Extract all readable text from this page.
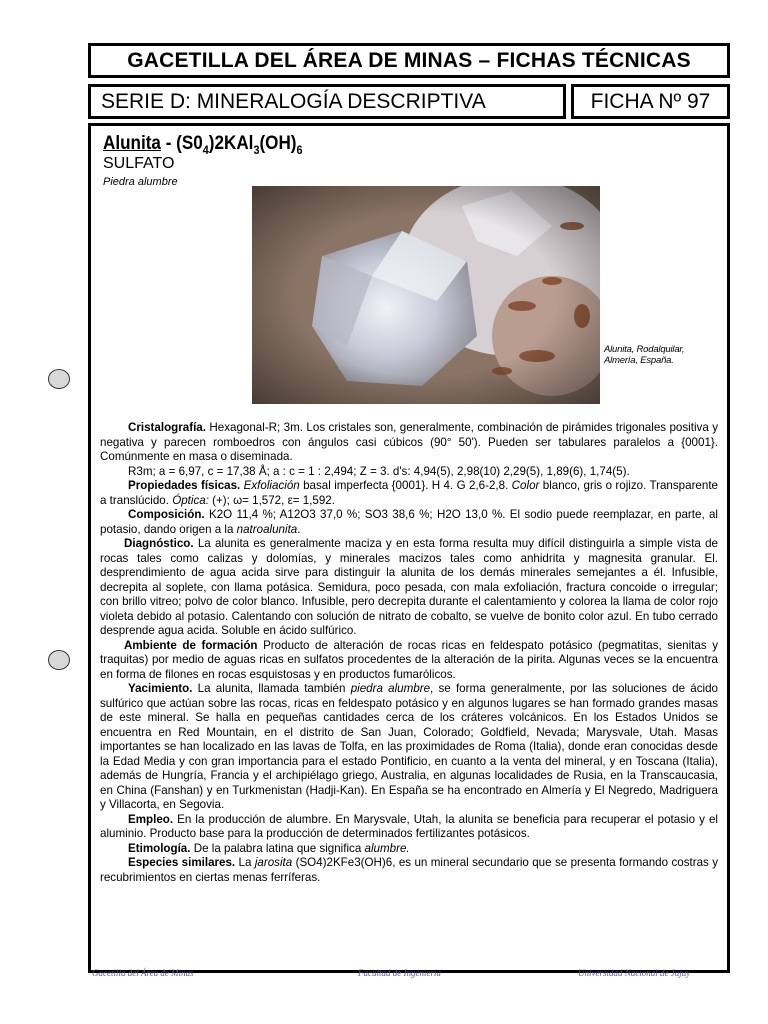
GACETILLA DEL ÁREA DE MINAS – FICHAS TÉCNICAS
SERIE D: MINERALOGÍA DESCRIPTIVA	FICHA Nº 97
Alunita - $(S0_4)2KAl_3(OH)_6$
SULFATO
Piedra alumbre
Alunita, Rodalquilar,
Almería, España.

Cristalografía. Hexagonal-R; 3m. Los cristales son, generalmente, combinación de pirámides trigonales positiva y negativa y parecen romboedros con ángulos casi cúbicos (90° 50'). Pueden ser tabulares paralelos a {0001}. Comúnmente en masa o diseminada.

R3m; a = 6,97, c = 17,38 Å; a : c = 1 : 2,494; Z = 3. d's: 4,94(5), 2,98(10) 2,29(5), 1,89(6), 1,74(5).

Propiedades físicas. Exfoliación basal imperfecta {0001}. H 4. G 2,6-2,8. Color blanco, gris o rojizo. Transparente a translúcido. Óptica: (+); ω= 1,572, ε= 1,592.

Composición. K2O 11,4 %; A12O3 37,0 %; SO3 38,6 %; H2O 13,0 %. El sodio puede reemplazar, en parte, al potasio, dando origen a la natroalunita.

Diagnóstico. La alunita es generalmente maciza y en esta forma resulta muy difícil distinguirla a simple vista de rocas tales como calizas y dolomías, y minerales macizos tales como anhidrita y magnesita granular. El. desprendimiento de agua acida sirve para distinguir la alunita de los demás minerales semejantes a él. Infusible, decrepita al soplete, con llama potásica. Semidura, poco pesada, con mala exfoliación, fractura concoide o irregular; con brillo vitreo; polvo de color blanco. Infusible, pero decrepita durante el calentamiento y colorea la llama de color rojo violeta debido al potasio. Calentando con solución de nitrato de cobalto, se vuelve de bonito color azul. En tubo cerrado desprende agua acida. Soluble en ácido sulfúrico.

Ambiente de formación Producto de alteración de rocas ricas en feldespato potásico (pegmatitas, sienitas y traquitas) por medio de aguas ricas en sulfatos procedentes de la alteración de la pirita. Algunas veces se la encuentra en forma de filones en rocas esquistosas y en productos fumarólicos.

Yacimiento. La alunita, llamada también piedra alumbre, se forma generalmente, por las soluciones de ácido sulfúrico que actúan sobre las rocas, ricas en feldespato potásico y en algunos lugares se han formado grandes masas de este mineral. Se halla en pequeñas cantidades cerca de los cráteres volcánicos. En los Estados Unidos se encuentra en Red Mountain, en el distrito de San Juan, Colorado; Goldfield, Nevada; Marysvale, Utah. Masas importantes se han localizado en las lavas de Tolfa, en las proximidades de Roma (Italia), donde eran conocidas desde la Edad Media y con gran importancia para el estado Pontificio, en cuanto a la venta del mineral, y en Toscana (Italia), además de Hungría, Francia y el archipiélago griego, Australia, en algunas localidades de Rusia, en la Transcaucasia, en China (Fanshan) y en Turkmenistan (Hadji-Kan). En España se ha encontrado en Almería y El Negredo, Madriguera y Villacorta, en Segovia.

Empleo. En la producción de alumbre. En Marysvale, Utah, la alunita se beneficia para recuperar el potasio y el aluminio. Producto base para la producción de determinados fertilizantes potásicos.

Etimología. De la palabra latina que significa alumbre.

Especies similares. La jarosita (SO4)2KFe3(OH)6, es un mineral secundario que se presenta formando costras y recubrimientos en ciertas menas ferríferas.

Gacetilla del Área de Minas	Facultad de Ingeniería	Universidad Nacional de Jujuy
